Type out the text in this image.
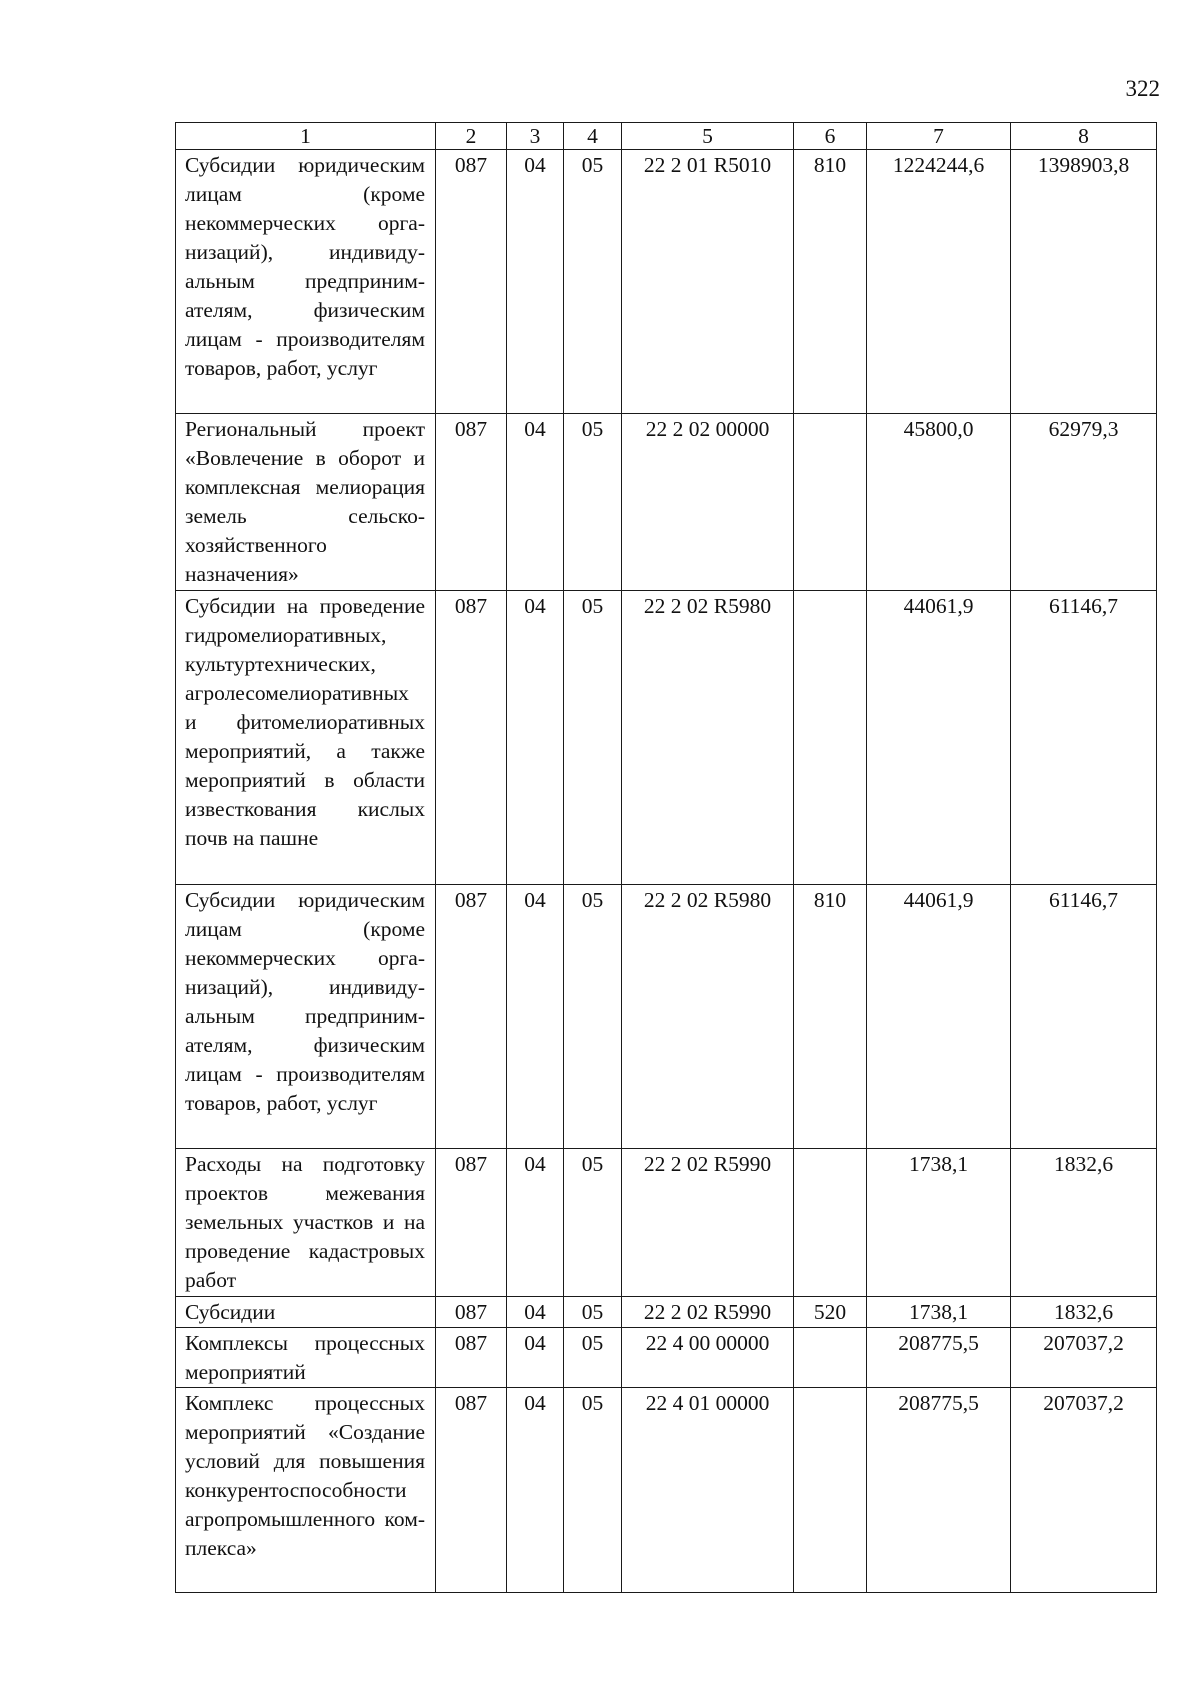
322
1	2	3	4	5	6	7	8
Субсидии юридическим лицам (кроме некоммерческих организаций), индивидуальным предпринимателям, физическим лицам - производителям товаров, работ, услуг	087	04	05	22 2 01 R5010	810	1224244,6	1398903,8
Региональный проект «Вовлечение в оборот и комплексная мелиорация земель сельскохозяйственного назначения»	087	04	05	22 2 02 00000		45800,0	62979,3
Субсидии на проведение гидромелиоративных, культуртехнических, агролесомелиоративных и фитомелиоративных мероприятий, а также мероприятий в области известкования кислых почв на пашне	087	04	05	22 2 02 R5980		44061,9	61146,7
Субсидии юридическим лицам (кроме некоммерческих организаций), индивидуальным предпринимателям, физическим лицам - производителям товаров, работ, услуг	087	04	05	22 2 02 R5980	810	44061,9	61146,7
Расходы на подготовку проектов межевания земельных участков и на проведение кадастровых работ	087	04	05	22 2 02 R5990		1738,1	1832,6
Субсидии	087	04	05	22 2 02 R5990	520	1738,1	1832,6
Комплексы процессных мероприятий	087	04	05	22 4 00 00000		208775,5	207037,2
Комплекс процессных мероприятий «Создание условий для повышения конкурентоспособности агропромышленного комплекса»	087	04	05	22 4 01 00000		208775,5	207037,2
